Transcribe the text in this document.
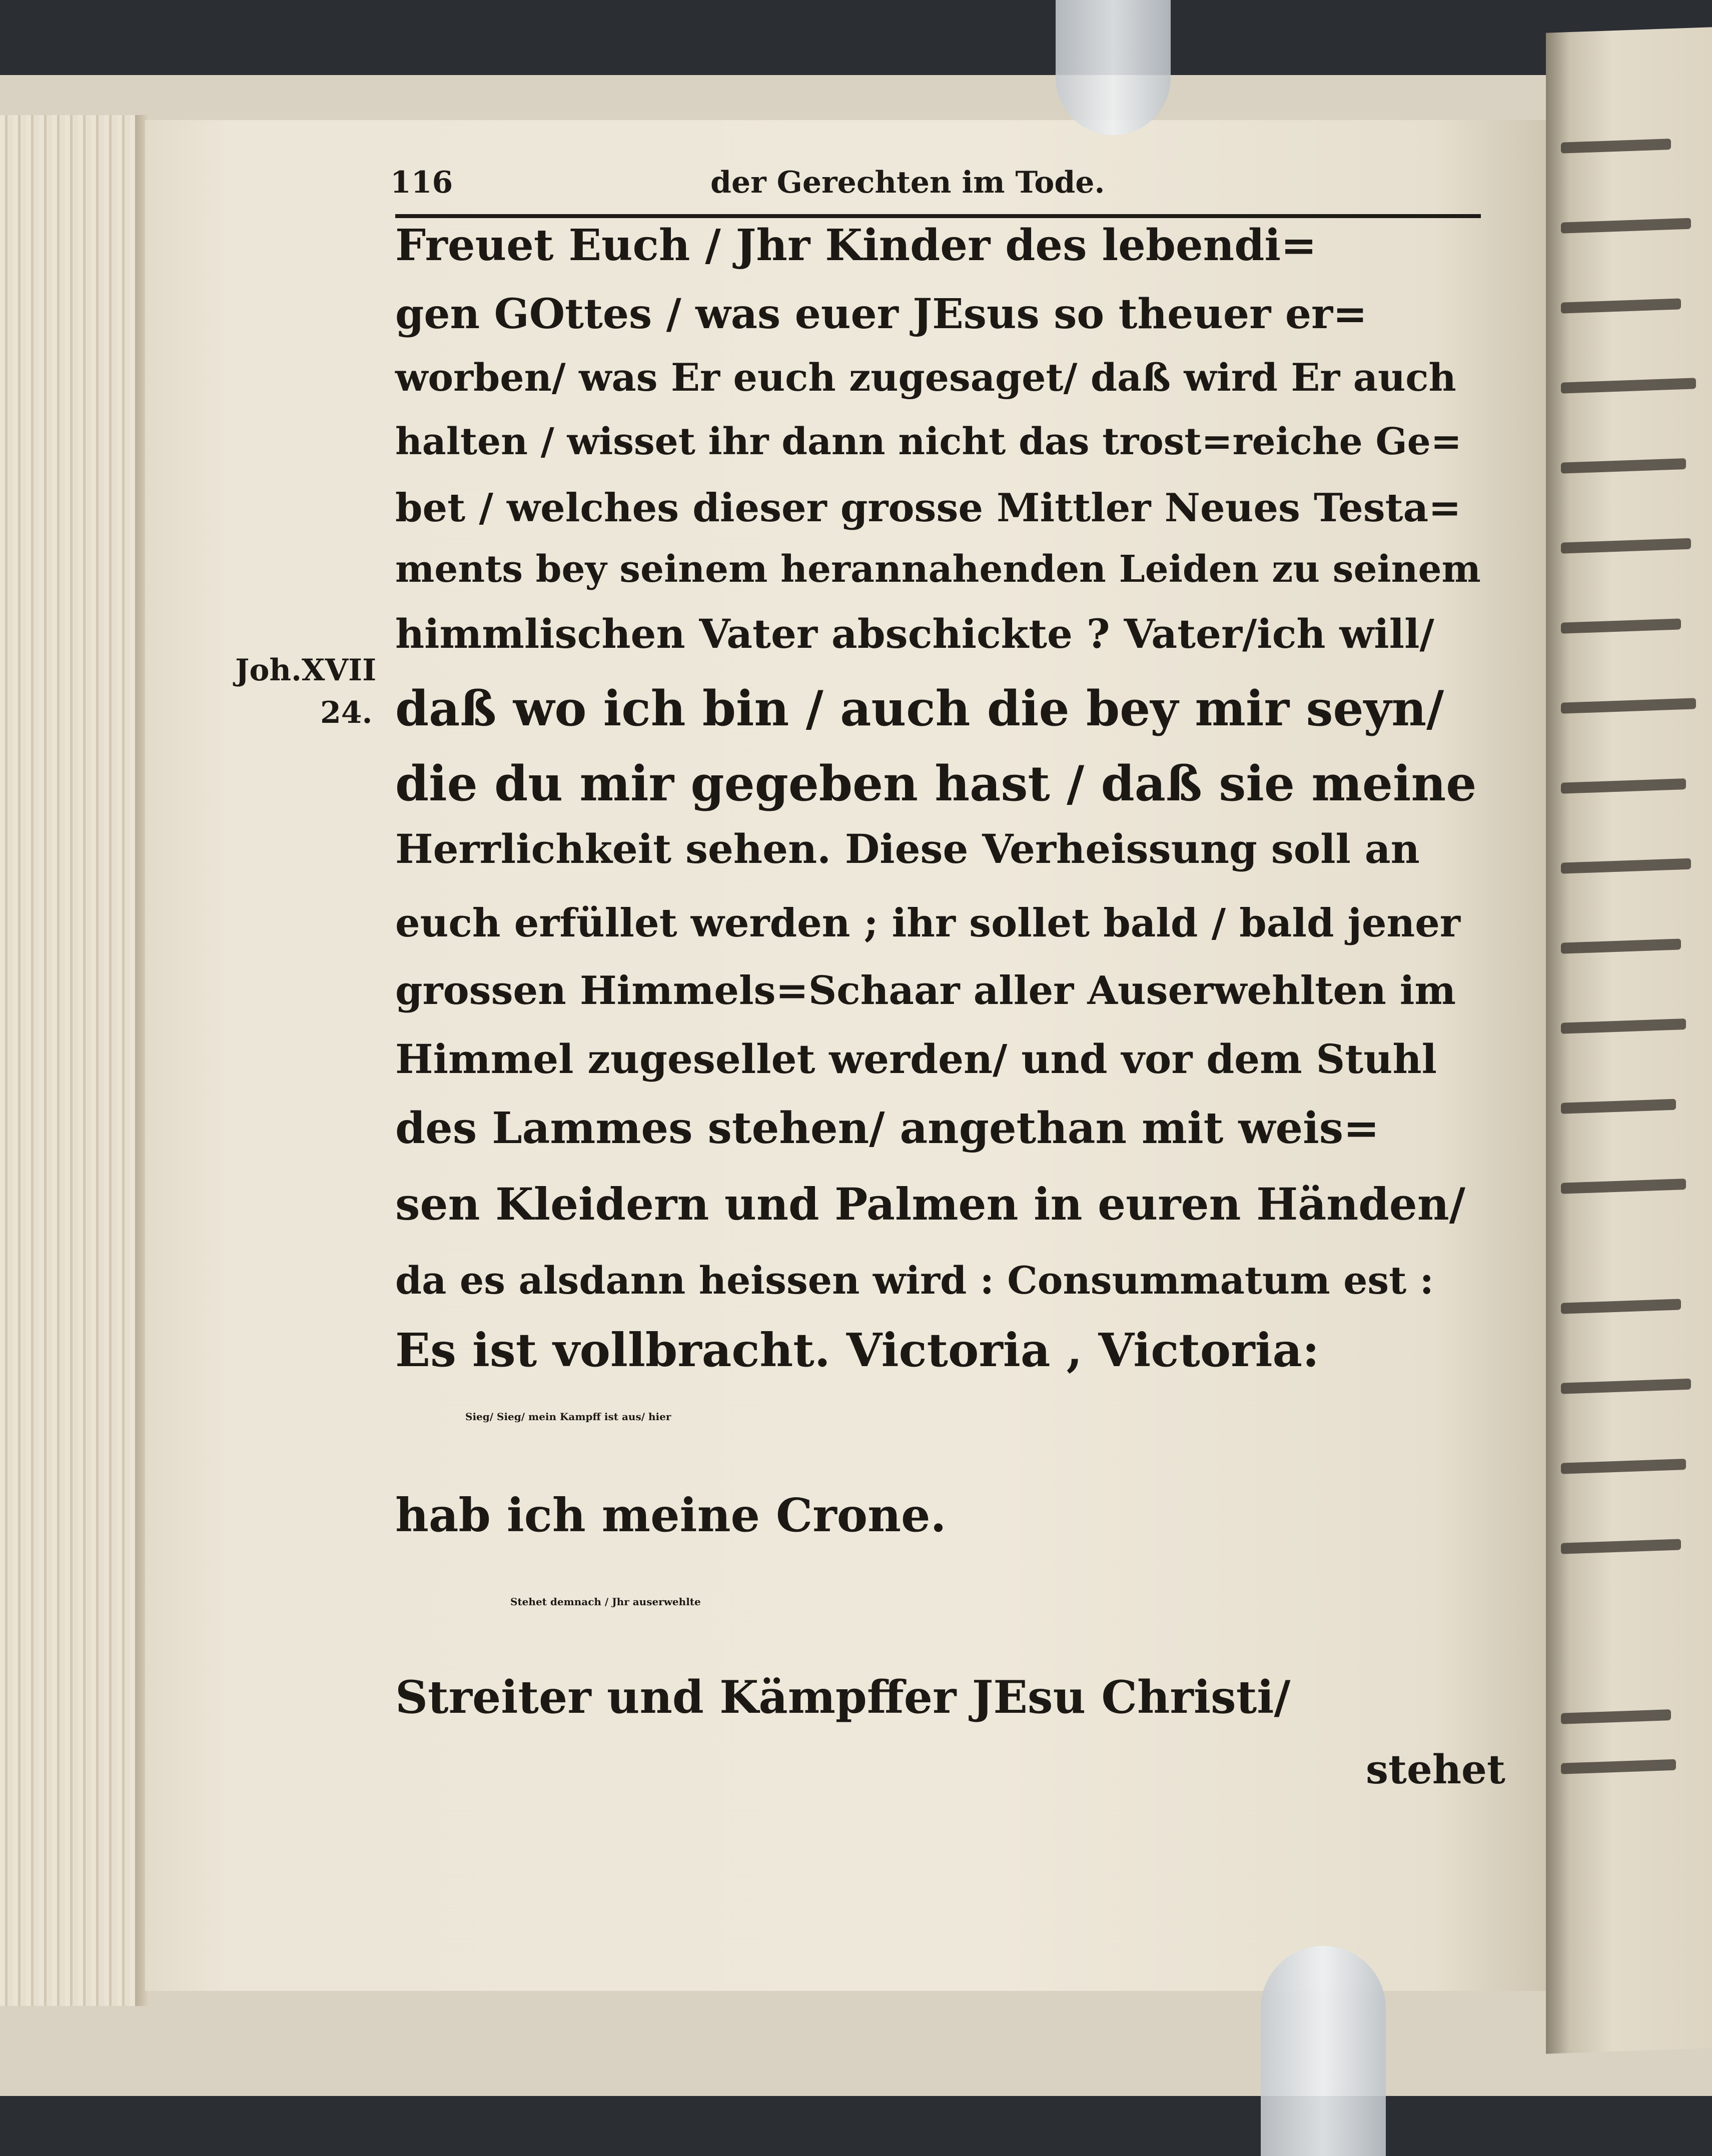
116	der Gerechten im Tode.
Joh.XVII
24.
Freuet Euch / Jhr Kinder des lebendi=
gen GOttes / was euer JEsus so theuer er=
worben/ was Er euch zugesaget/ daß wird Er auch
halten / wisset ihr dann nicht das trost=reiche Ge=
bet / welches dieser grosse Mittler Neues Testa=
ments bey seinem herannahenden Leiden zu seinem
himmlischen Vater abschickte ? Vater/ich will/
daß wo ich bin / auch die bey mir seyn/
die du mir gegeben hast / daß sie meine
Herrlichkeit sehen. Diese Verheissung soll an
euch erfüllet werden ; ihr sollet bald / bald jener
grossen Himmels=Schaar aller Auserwehlten im
Himmel zugesellet werden/ und vor dem Stuhl
des Lammes stehen/ angethan mit weis=
sen Kleidern und Palmen in euren Händen/
da es alsdann heissen wird : Consummatum est :
Es ist vollbracht. Victoria , Victoria:
Sieg/ Sieg/ mein Kampff ist aus/ hier
hab ich meine Crone.
Stehet demnach / Jhr auserwehlte
Streiter und Kämpffer JEsu Christi/
stehet
